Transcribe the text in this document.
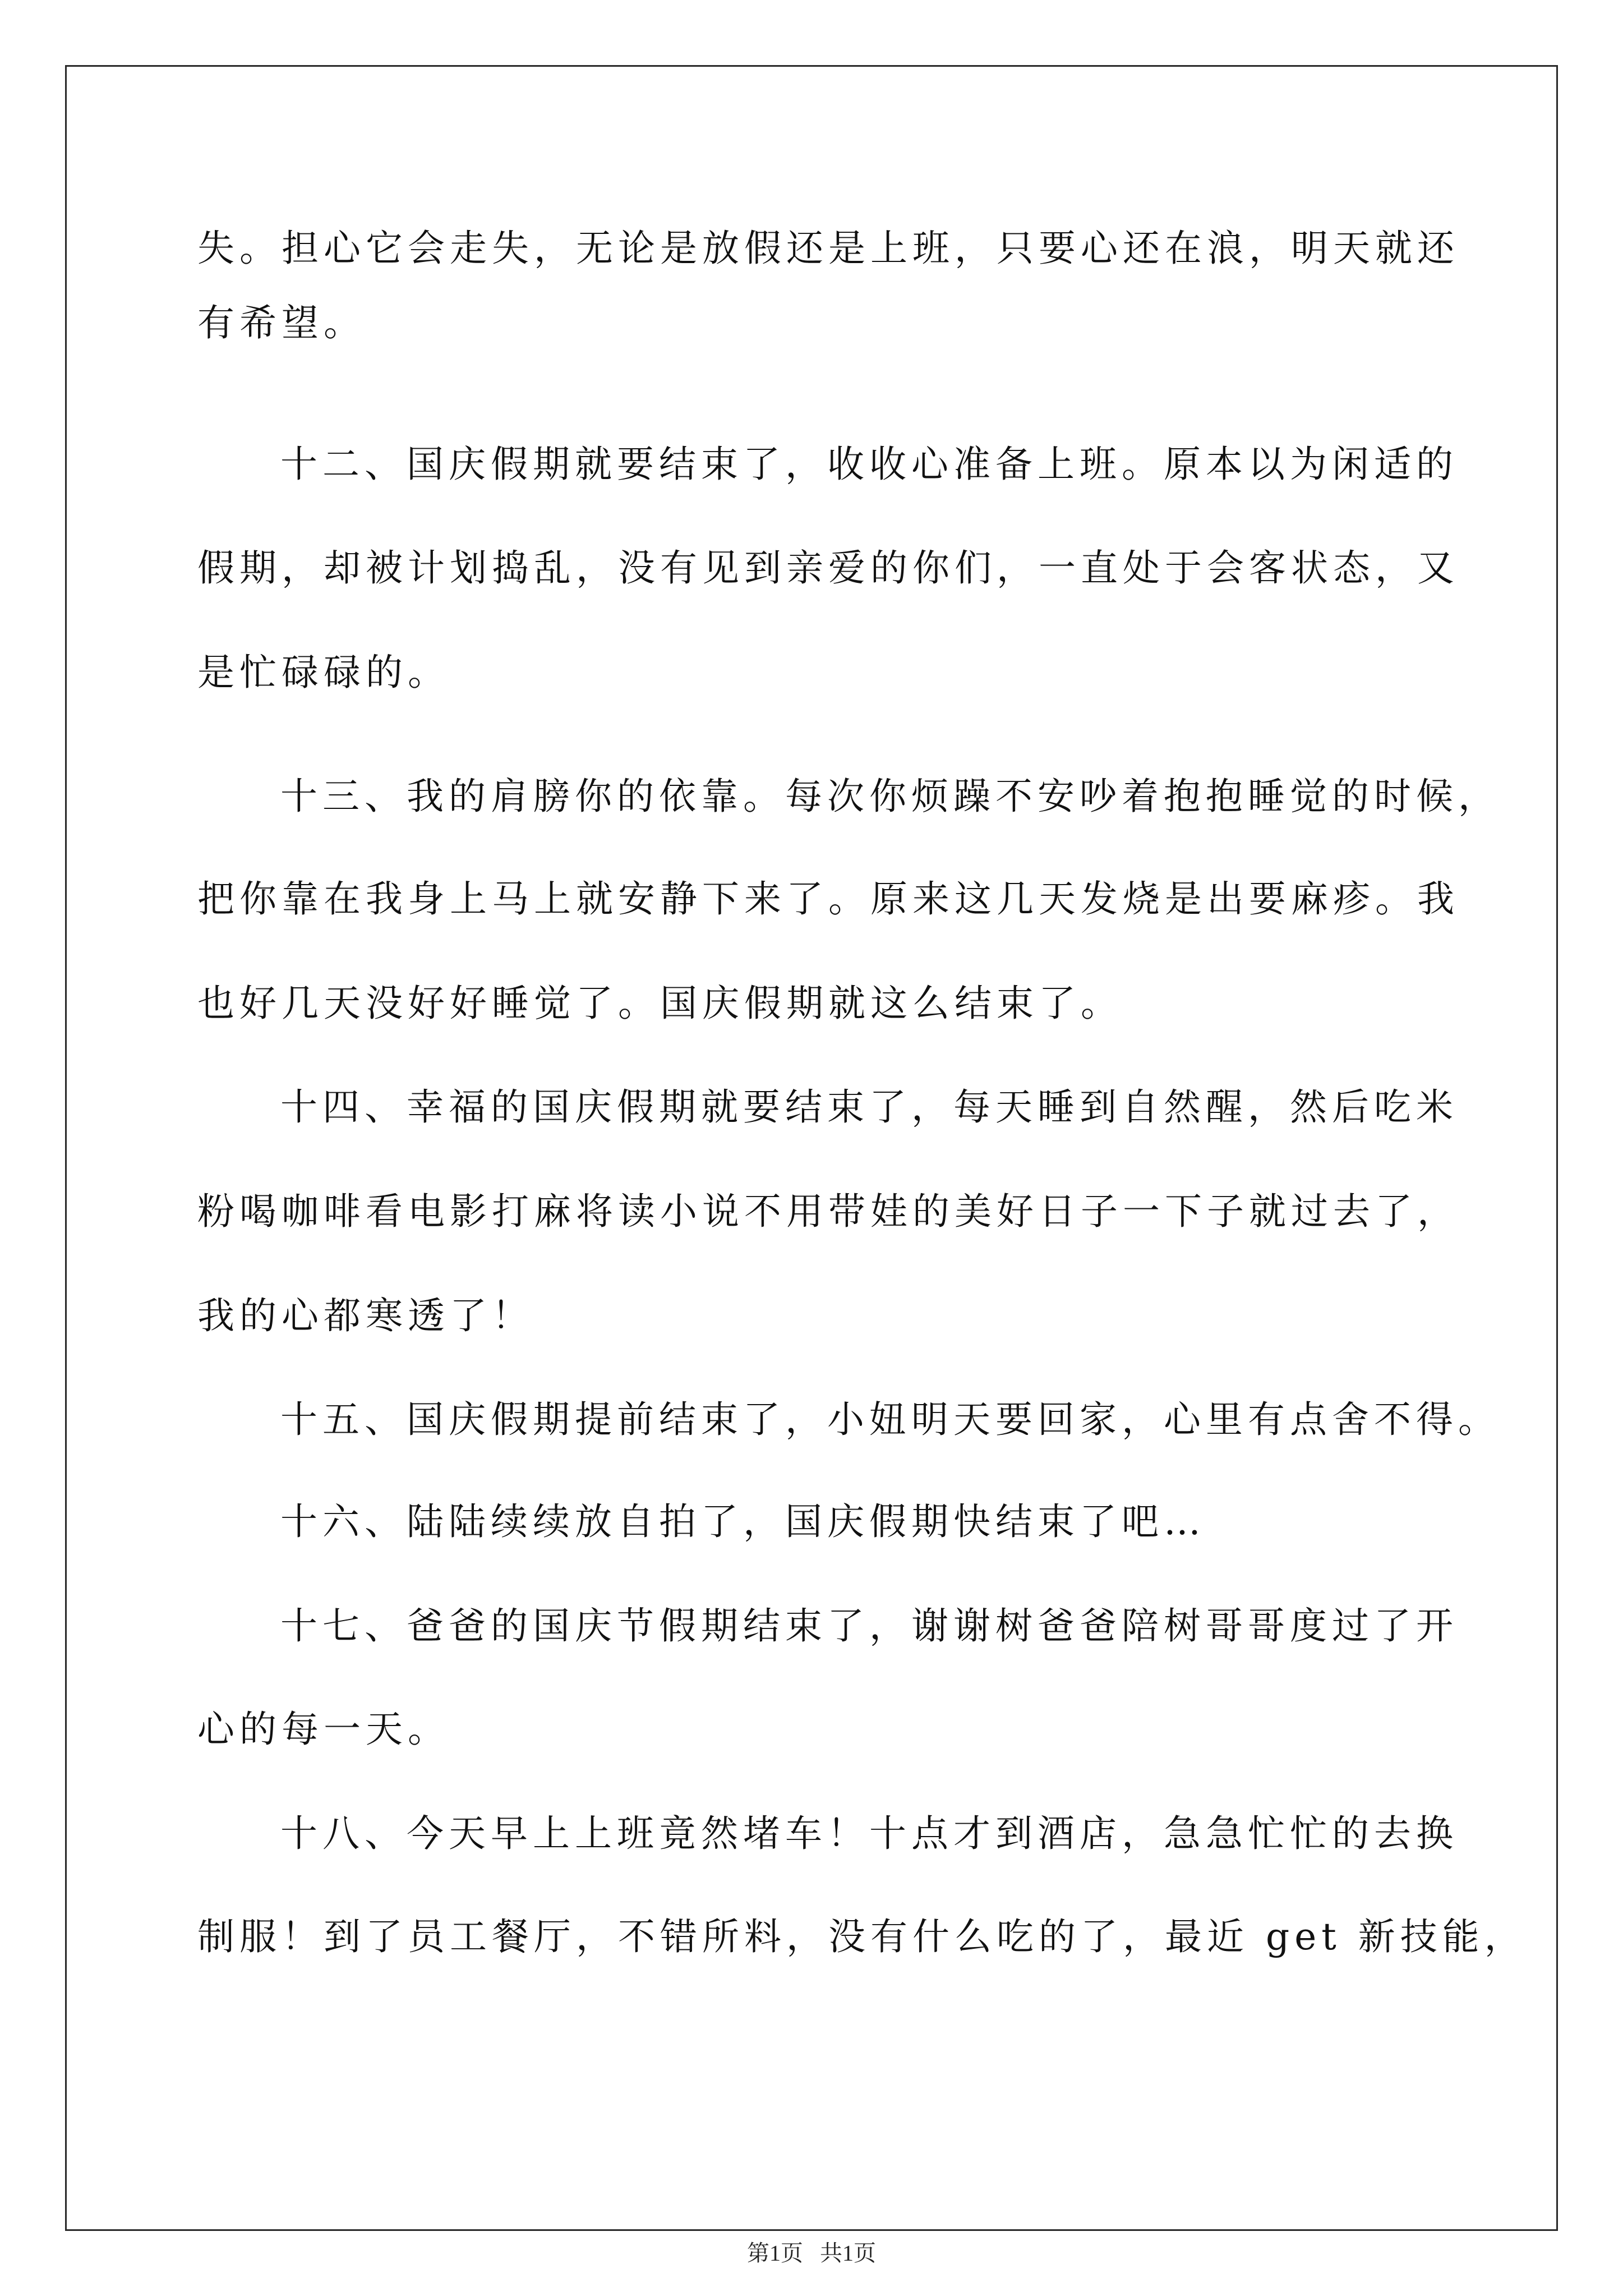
失。担心它会走失，无论是放假还是上班，只要心还在浪，明天就还
有希望。
十二、国庆假期就要结束了，收收心准备上班。原本以为闲适的
假期，却被计划捣乱，没有见到亲爱的你们，一直处于会客状态，又
是忙碌碌的。
十三、我的肩膀你的依靠。每次你烦躁不安吵着抱抱睡觉的时候，
把你靠在我身上马上就安静下来了。原来这几天发烧是出要麻疹。我
也好几天没好好睡觉了。国庆假期就这么结束了。
十四、幸福的国庆假期就要结束了，每天睡到自然醒，然后吃米
粉喝咖啡看电影打麻将读小说不用带娃的美好日子一下子就过去了，
我的心都寒透了！
十五、国庆假期提前结束了，小妞明天要回家，心里有点舍不得。
十六、陆陆续续放自拍了，国庆假期快结束了吧…
十七、爸爸的国庆节假期结束了，谢谢树爸爸陪树哥哥度过了开
心的每一天。
十八、今天早上上班竟然堵车！十点才到酒店，急急忙忙的去换
制服！到了员工餐厅，不错所料，没有什么吃的了，最近 get 新技能，
第1页   共1页
